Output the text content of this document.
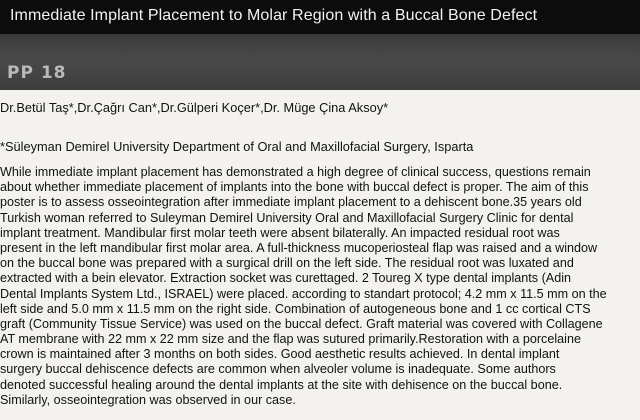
Immediate Implant Placement to Molar Region with a Buccal Bone Defect
PP 18
Dr.Betül Taş*,Dr.Çağrı Can*,Dr.Gülperi Koçer*,Dr. Müge Çina Aksoy*
*Süleyman Demirel University Department of Oral and Maxillofacial Surgery, Isparta
While immediate implant placement has demonstrated a high degree of clinical success, questions remain
about whether immediate placement of implants into the bone with buccal defect is proper. The aim of this
poster is to assess osseointegration after immediate implant placement to a dehiscent bone.35 years old
Turkish woman referred to Suleyman Demirel University Oral and Maxillofacial Surgery Clinic for dental
implant treatment. Mandibular first molar teeth were absent bilaterally. An impacted residual root was
present in the left mandibular first molar area. A full-thickness mucoperiosteal flap was raised and a window
on the buccal bone was prepared with a surgical drill on the left side. The residual root was luxated and
extracted with a bein elevator. Extraction socket was curettaged. 2 Toureg X type dental implants (Adin
Dental Implants System Ltd., ISRAEL) were placed. according to standart protocol; 4.2 mm x 11.5 mm on the
left side and 5.0 mm x 11.5 mm on the right side. Combination of autogeneous bone and 1 cc cortical CTS
graft (Community Tissue Service) was used on the buccal defect. Graft material was covered with Collagene
AT membrane with 22 mm x 22 mm size and the flap was sutured primarily.Restoration with a porcelaine
crown is maintained after 3 months on both sides. Good aesthetic results achieved. In dental implant
surgery buccal dehiscence defects are common when alveoler volume is inadequate. Some authors
denoted successful healing around the dental implants at the site with dehisence on the buccal bone.
Similarly, osseointegration was observed in our case.
